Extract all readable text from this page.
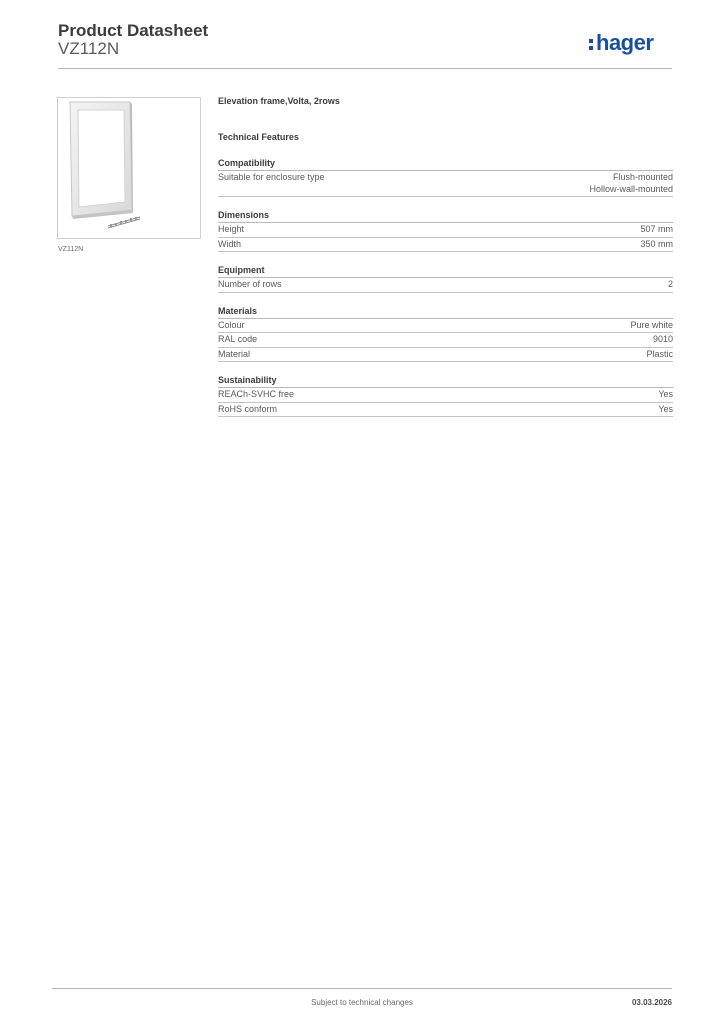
Product Datasheet
VZ112N	hager
VZ112N
Elevation frame,Volta, 2rows
Technical Features
Compatibility
Suitable for enclosure type	Flush-mounted
Hollow-wall-mounted
Dimensions
Height	507 mm
Width	350 mm
Equipment
Number of rows	2
Materials
Colour	Pure white
RAL code	9010
Material	Plastic
Sustainability
REACh-SVHC free	Yes
RoHS conform	Yes
Subject to technical changes	03.03.2026
